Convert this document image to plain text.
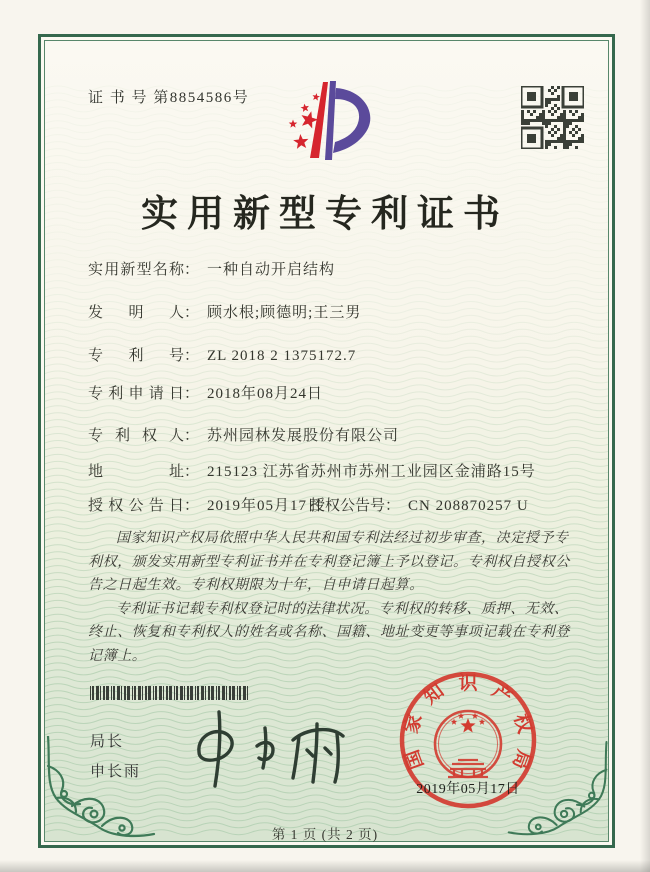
证 书 号 第8854586号
实用新型专利证书
实用新型名称： 一种自动开启结构
发明人： 顾水根;顾德明;王三男
专利号： ZL 2018 2 1375172.7
专利申请日： 2018年08月24日
专利权人： 苏州园林发展股份有限公司
地址： 215123 江苏省苏州市苏州工业园区金浦路15号
授权公告日： 2019年05月17日
授权公告号： CN 208870257 U

国家知识产权局依照中华人民共和国专利法经过初步审查，决定授予专利权，颁发实用新型专利证书并在专利登记簿上予以登记。专利权自授权公告之日起生效。专利权期限为十年，自申请日起算。

专利证书记载专利权登记时的法律状况。专利权的转移、质押、无效、终止、恢复和专利权人的姓名或名称、国籍、地址变更等事项记载在专利登记簿上。

局长
申长雨
国
家
知 识 产
权
局
2019年05月17日
第 1 页 (共 2 页)
